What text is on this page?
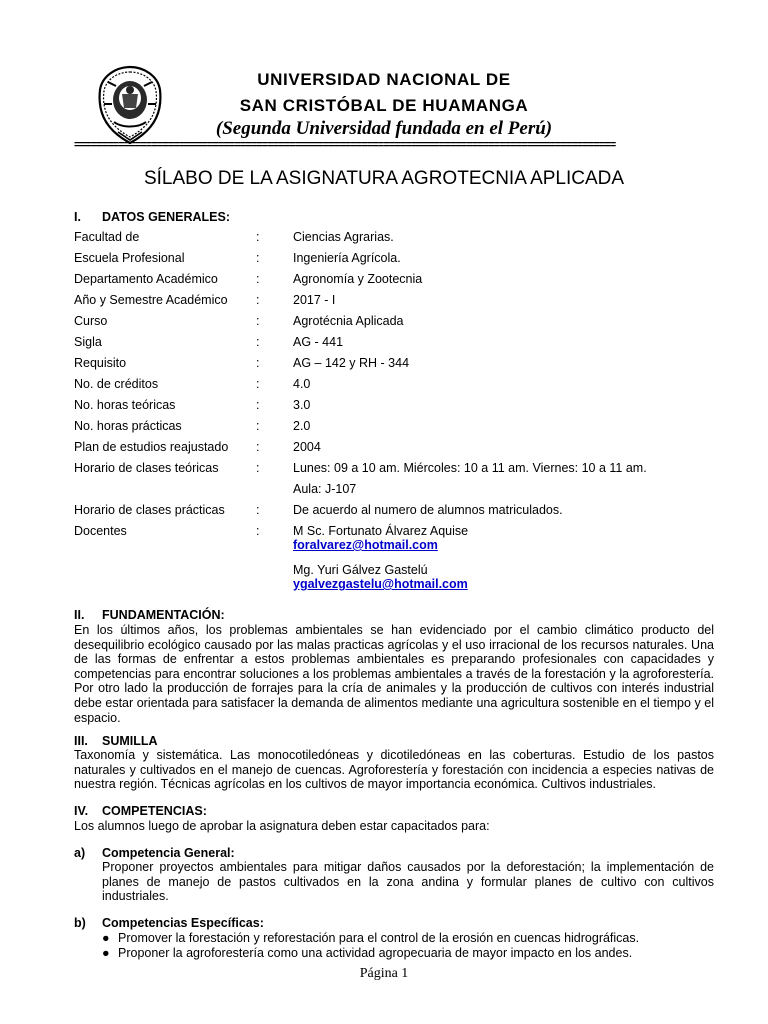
UNIVERSIDAD NACIONAL DE
SAN CRISTÓBAL DE HUAMANGA
(Segunda Universidad fundada en el Perú)
==================================================================================================
SÍLABO DE LA ASIGNATURA AGROTECNIA APLICADA
I. DATOS GENERALES:
Facultad de	:	Ciencias Agrarias.
Escuela Profesional	:	Ingeniería Agrícola.
Departamento Académico	:	Agronomía y Zootecnia
Año y Semestre Académico :	2017 - I
Curso	:	Agrotécnia Aplicada
Sigla	:	AG - 441
Requisito	:	AG – 142 y RH - 344
No. de créditos	:	4.0
No. horas teóricas	:	3.0
No. horas prácticas	:	2.0
Plan de estudios reajustado :	2004
Horario de clases teóricas	:	Lunes: 09 a 10 am. Miércoles: 10 a 11 am. Viernes: 10 a 11 am.
Aula: J-107
Horario de clases prácticas :	De acuerdo al numero de alumnos matriculados.
Docentes	:	M Sc. Fortunato Álvarez Aquise
foralvarez@hotmail.com
Mg. Yuri Gálvez Gastelú
ygalvezgastelu@hotmail.com
II. FUNDAMENTACIÓN:
En los últimos años, los problemas ambientales se han evidenciado por el cambio climático producto del desequilibrio ecológico causado por las malas practicas agrícolas y el uso irracional de los recursos naturales. Una de las formas de enfrentar a estos problemas ambientales es preparando profesionales con capacidades y competencias para encontrar soluciones a los problemas ambientales a través de la forestación y la agroforestería. Por otro lado la producción de forrajes para la cría de animales y la producción de cultivos con interés industrial debe estar orientada para satisfacer la demanda de alimentos mediante una agricultura sostenible en el tiempo y el espacio.
III. SUMILLA
Taxonomía y sistemática. Las monocotiledóneas y dicotiledóneas en las coberturas. Estudio de los pastos naturales y cultivados en el manejo de cuencas. Agroforestería y forestación con incidencia a especies nativas de nuestra región. Técnicas agrícolas en los cultivos de mayor importancia económica. Cultivos industriales.
IV. COMPETENCIAS:
Los alumnos luego de aprobar la asignatura deben estar capacitados para:
a) Competencia General:
Proponer proyectos ambientales para mitigar daños causados por la deforestación; la implementación de planes de manejo de pastos cultivados en la zona andina y formular planes de cultivo con cultivos industriales.
b) Competencias Específicas:
● Promover la forestación y reforestación para el control de la erosión en cuencas hidrográficas.
● Proponer la agroforestería como una actividad agropecuaria de mayor impacto en los andes.
Página 1
